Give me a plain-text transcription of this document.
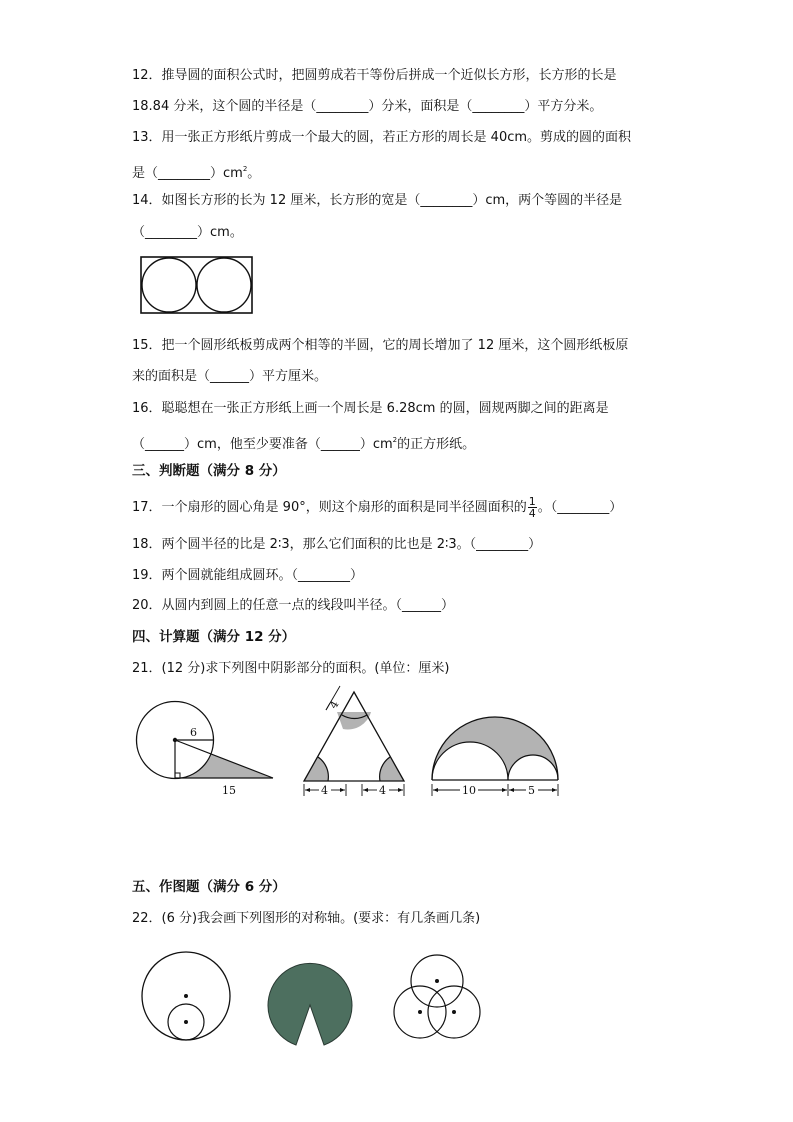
12．推导圆的面积公式时，把圆剪成若干等份后拼成一个近似长方形，长方形的长是
18.84 分米，这个圆的半径是（________）分米，面积是（________）平方分米。
13．用一张正方形纸片剪成一个最大的圆，若正方形的周长是 40cm。剪成的圆的面积
是$(\_\_\_\_\_\_\_\_)cm^2$。
14．如图长方形的长为 12 厘米，长方形的宽是（________）cm，两个等圆的半径是
（________）cm。
15．把一个圆形纸板剪成两个相等的半圆，它的周长增加了 12 厘米，这个圆形纸板原
来的面积是（______）平方厘米。
16．聪聪想在一张正方形纸上画一个周长是 6.28cm 的圆，圆规两脚之间的距离是
（______）cm，他至少要准备$(\_\_\_\_\_\_)cm^2$的正方形纸。
三、判断题（满分 8 分）
17．一个扇形的圆心角是 90°，则这个扇形的面积是同半径圆面积的 $\frac{1}{4}$ 。（________）
18．两个圆半径的比是 2∶3，那么它们面积的比也是 2∶3。（________）
19．两个圆就能组成圆环。（________）
20．从圆内到圆上的任意一点的线段叫半径。（______）
四、计算题（满分 12 分）
21．(12 分)求下列图中阴影部分的面积。(单位：厘米)
6
15
4
4	4	10	5
五、作图题（满分 6 分）
22．(6 分)我会画下列图形的对称轴。(要求：有几条画几条)
